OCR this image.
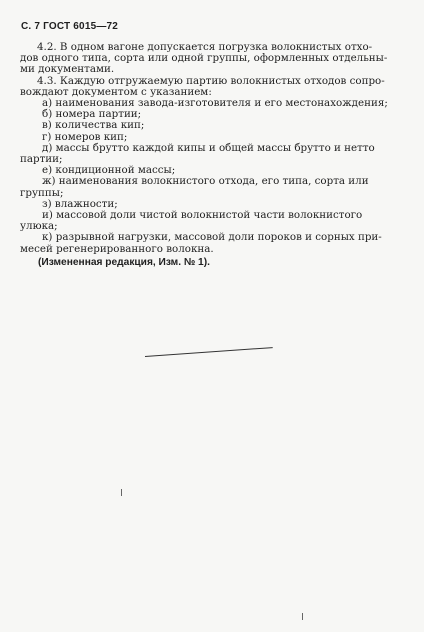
С. 7 ГОСТ 6015—72

4.2. В одном вагоне допускается погрузка волокнистых отхо-

дов одного типа, сорта или одной группы, оформленных отдельны-

ми документами.

4.3. Каждую отгружаемую партию волокнистых отходов сопро-

вождают документом с указанием:

а) наименования завода-изготовителя и его местонахождения;

б) номера партии;

в) количества кип;

г) номеров кип;

д) массы брутто каждой кипы и общей массы брутто и нетто

партии;

е) кондиционной массы;

ж) наименования волокнистого отхода, его типа, сорта или

группы;

з) влажности;

и) массовой доли чистой волокнистой части волокнистого

улюка;

к) разрывной нагрузки, массовой доли пороков и сорных при-

месей регенерированного волокна.

(Измененная редакция, Изм. № 1).
